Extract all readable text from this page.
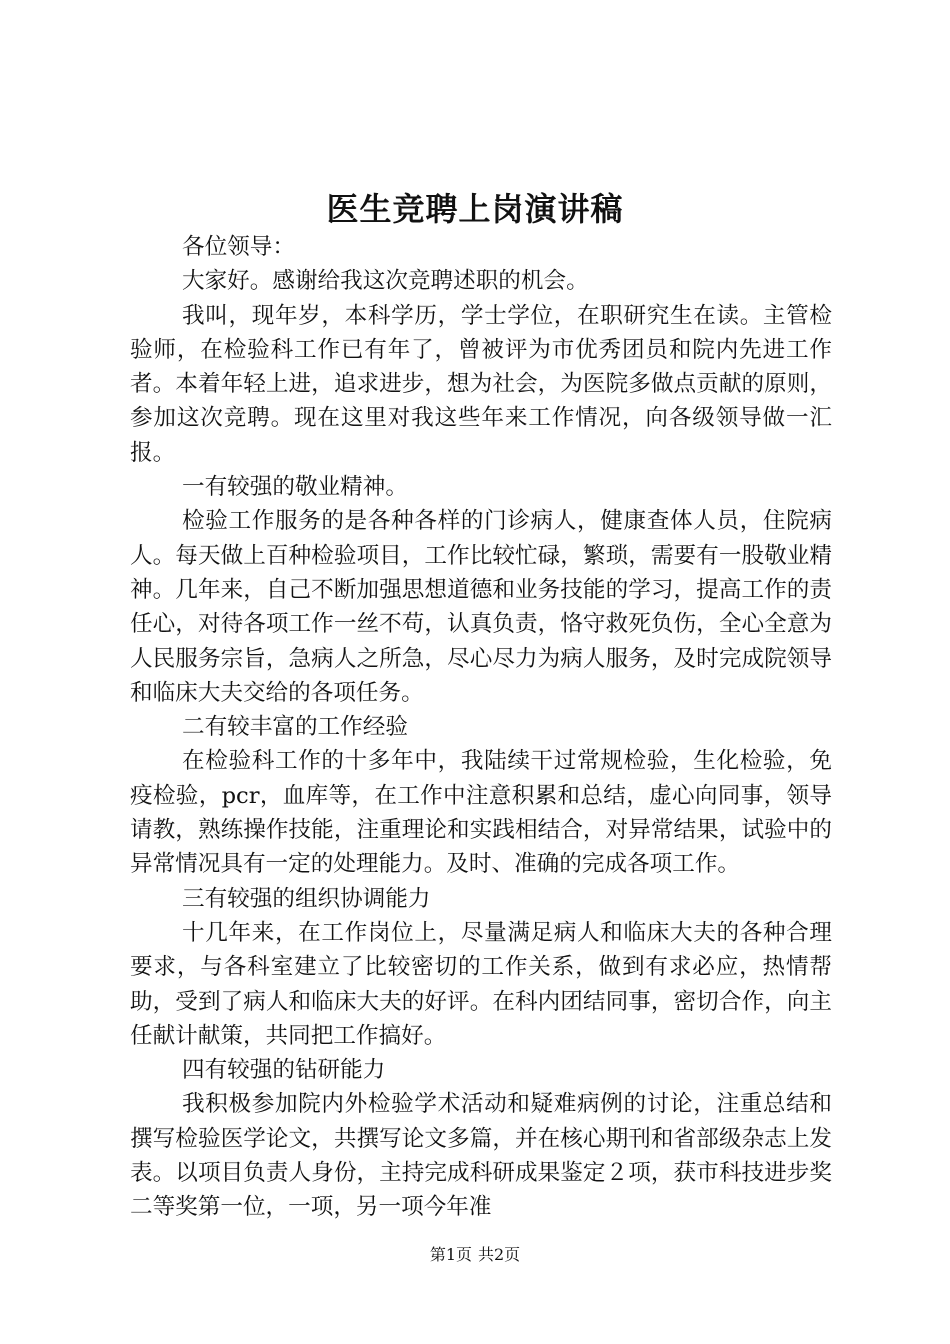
医生竞聘上岗演讲稿

各位领导：

大家好。感谢给我这次竞聘述职的机会。

我叫，现年岁，本科学历，学士学位，在职研究生在读。主管检验师，在检验科工作已有年了，曾被评为市优秀团员和院内先进工作者。本着年轻上进，追求进步，想为社会，为医院多做点贡献的原则，参加这次竞聘。现在这里对我这些年来工作情况，向各级领导做一汇报。

一有较强的敬业精神。

检验工作服务的是各种各样的门诊病人，健康查体人员，住院病人。每天做上百种检验项目，工作比较忙碌，繁琐，需要有一股敬业精神。几年来，自己不断加强思想道德和业务技能的学习，提高工作的责任心，对待各项工作一丝不苟，认真负责，恪守救死负伤，全心全意为人民服务宗旨，急病人之所急，尽心尽力为病人服务，及时完成院领导和临床大夫交给的各项任务。

二有较丰富的工作经验

在检验科工作的十多年中，我陆续干过常规检验，生化检验，免疫检验，pcr，血库等，在工作中注意积累和总结，虚心向同事，领导请教，熟练操作技能，注重理论和实践相结合，对异常结果，试验中的异常情况具有一定的处理能力。及时、准确的完成各项工作。

三有较强的组织协调能力

十几年来，在工作岗位上，尽量满足病人和临床大夫的各种合理要求，与各科室建立了比较密切的工作关系，做到有求必应，热情帮助，受到了病人和临床大夫的好评。在科内团结同事，密切合作，向主任献计献策，共同把工作搞好。

四有较强的钻研能力

我积极参加院内外检验学术活动和疑难病例的讨论，注重总结和撰写检验医学论文，共撰写论文多篇，并在核心期刊和省部级杂志上发表。以项目负责人身份，主持完成科研成果鉴定２项，获市科技进步奖二等奖第一位，一项，另一项今年准

第1页 共2页
